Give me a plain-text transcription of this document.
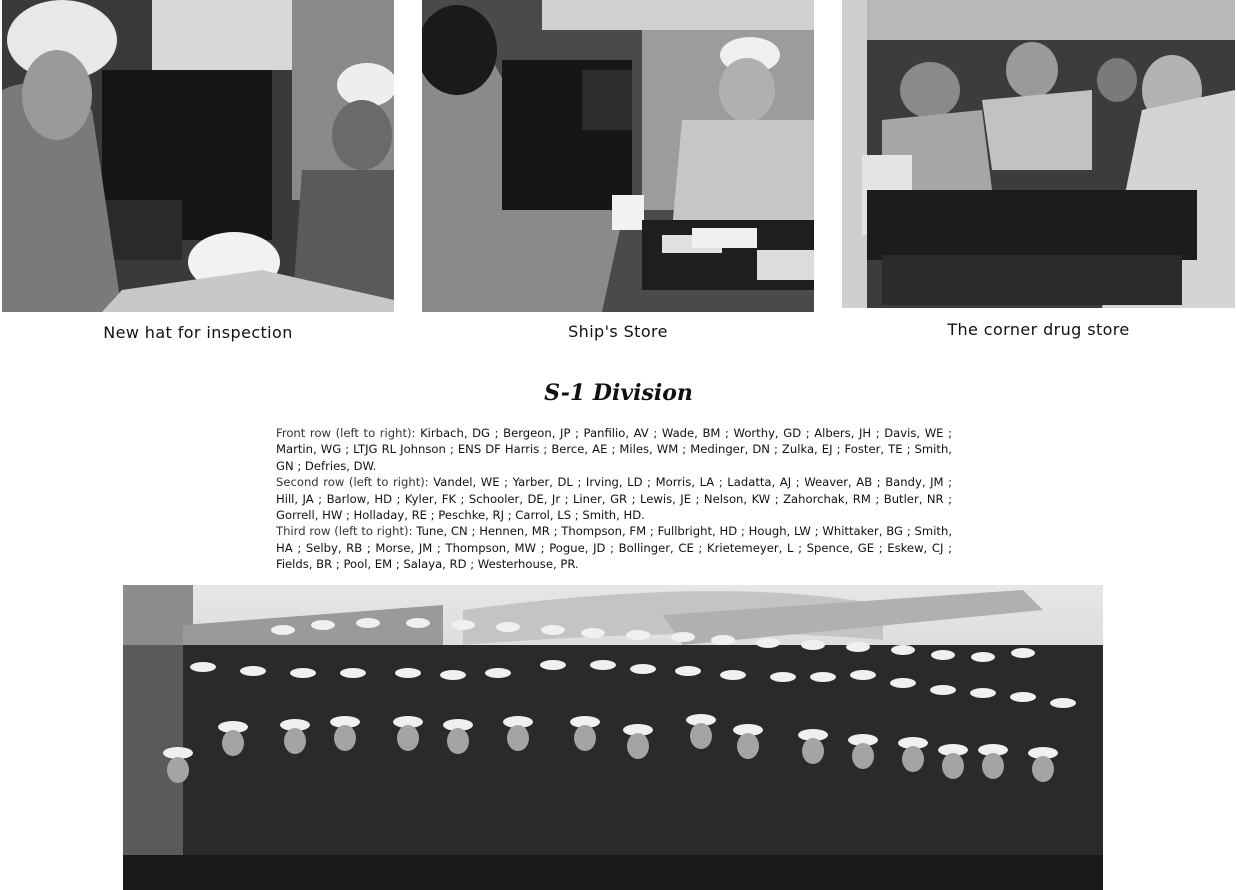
New hat for inspection	Ship's Store	The corner drug store
S-1 Division

Front row (left to right): Kirbach, DG ; Bergeon, JP ; Panfilio, AV ; Wade, BM ; Worthy, GD ; Albers, JH ; Davis, WE ; Martin, WG ; LTJG RL Johnson ; ENS DF Harris ; Berce, AE ; Miles, WM ; Medinger, DN ; Zulka, EJ ; Foster, TE ; Smith, GN ; Defries, DW.

Second row (left to right): Vandel, WE ; Yarber, DL ; Irving, LD ; Morris, LA ; Ladatta, AJ ; Weaver, AB ; Bandy, JM ; Hill, JA ; Barlow, HD ; Kyler, FK ; Schooler, DE, Jr ; Liner, GR ; Lewis, JE ; Nelson, KW ; Zahorchak, RM ; Butler, NR ; Gorrell, HW ; Holladay, RE ; Peschke, RJ ; Carrol, LS ; Smith, HD.

Third row (left to right): Tune, CN ; Hennen, MR ; Thompson, FM ; Fullbright, HD ; Hough, LW ; Whittaker, BG ; Smith, HA ; Selby, RB ; Morse, JM ; Thompson, MW ; Pogue, JD ; Bollinger, CE ; Krietemeyer, L ; Spence, GE ; Eskew, CJ ; Fields, BR ; Pool, EM ; Salaya, RD ; Westerhouse, PR.
